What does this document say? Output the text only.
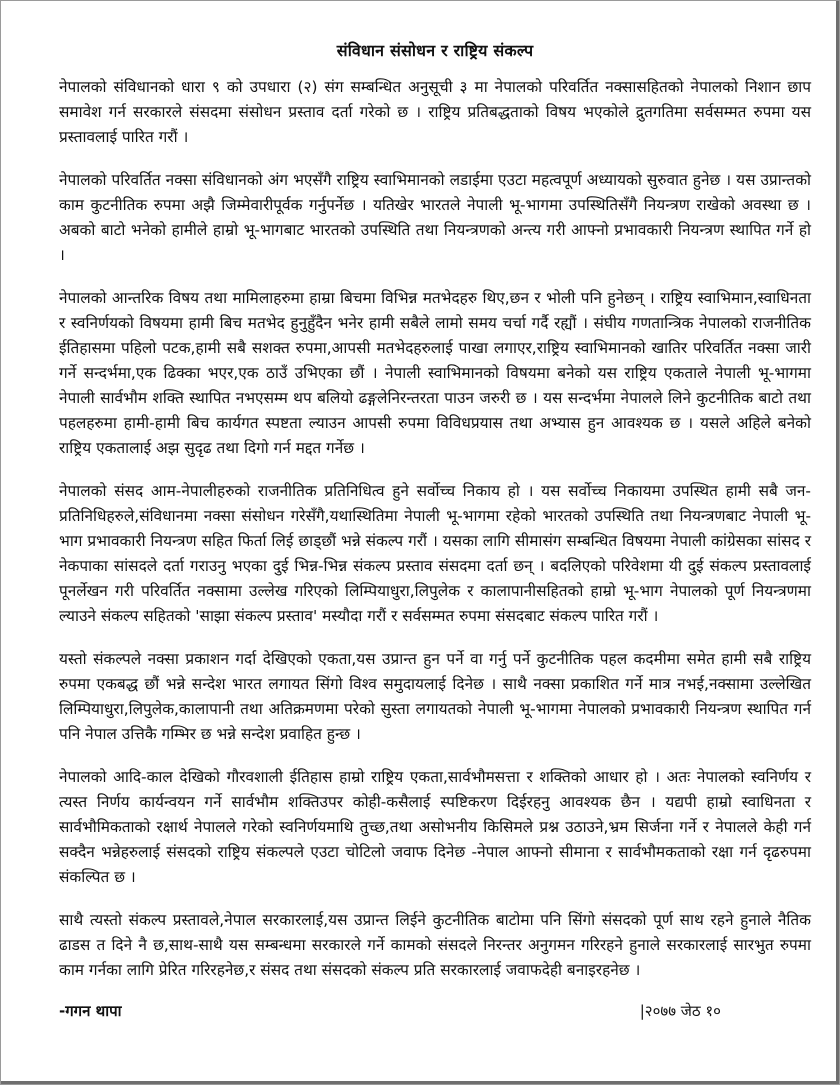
संविधान संसोधन र राष्ट्रिय संकल्प

नेपालको संविधानको धारा ९ को उपधारा (२) संग सम्बन्धित अनुसूची ३ मा नेपालको परिवर्तित नक्सासहितको नेपालको निशान छाप समावेश गर्न सरकारले संसदमा संसोधन प्रस्ताव दर्ता गरेको छ । राष्ट्रिय प्रतिबद्धताको विषय भएकोले द्रुतगतिमा सर्वसम्मत रुपमा यस प्रस्तावलाई पारित गरौं ।

नेपालको परिवर्तित नक्सा संविधानको अंग भएसँगै राष्ट्रिय स्वाभिमानको लडाईमा एउटा महत्वपूर्ण अध्यायको सुरुवात हुनेछ । यस उप्रान्तको काम कुटनीतिक रुपमा अझै जिम्मेवारीपूर्वक गर्नुपर्नेछ । यतिखेर भारतले नेपाली भू-भागमा उपस्थितिसँगै नियन्त्रण राखेको अवस्था छ । अबको बाटो भनेको हामीले हाम्रो भू-भागबाट भारतको उपस्थिति तथा नियन्त्रणको अन्त्य गरी आफ्नो प्रभावकारी नियन्त्रण स्थापित गर्ने हो ।

नेपालको आन्तरिक विषय तथा मामिलाहरुमा हाम्रा बिचमा विभिन्न मतभेदहरु थिए,छन र भोली पनि हुनेछन् । राष्ट्रिय स्वाभिमान,स्वाधिनता र स्वनिर्णयको विषयमा हामी बिच मतभेद हुनुहुँदैन भनेर हामी सबैले लामो समय चर्चा गर्दै रह्यौं । संघीय गणतान्त्रिक नेपालको राजनीतिक ईतिहासमा पहिलो पटक,हामी सबै सशक्त रुपमा,आपसी मतभेदहरुलाई पाखा लगाएर,राष्ट्रिय स्वाभिमानको खातिर परिवर्तित नक्सा जारी गर्ने सन्दर्भमा,एक ढिक्का भएर,एक ठाउँ उभिएका छौं । नेपाली स्वाभिमानको विषयमा बनेको यस राष्ट्रिय एकताले नेपाली भू-भागमा नेपाली सार्वभौम शक्ति स्थापित नभएसम्म थप बलियो ढङ्गलेनिरन्तरता पाउन जरुरी छ । यस सन्दर्भमा नेपालले लिने कुटनीतिक बाटो तथा पहलहरुमा हामी-हामी बिच कार्यगत स्पष्टता ल्याउन आपसी रुपमा विविधप्रयास तथा अभ्यास हुन आवश्यक छ । यसले अहिले बनेको राष्ट्रिय एकतालाई अझ सुदृढ तथा दिगो गर्न मद्दत गर्नेछ ।

नेपालको संसद आम-नेपालीहरुको राजनीतिक प्रतिनिधित्व हुने सर्वोच्च निकाय हो । यस सर्वोच्च निकायमा उपस्थित हामी सबै जन-प्रतिनिधिहरुले,संविधानमा नक्सा संसोधन गरेसँगै,यथास्थितिमा नेपाली भू-भागमा रहेको भारतको उपस्थिति तथा नियन्त्रणबाट नेपाली भू-भाग प्रभावकारी नियन्त्रण सहित फिर्ता लिई छाड्छौं भन्ने संकल्प गरौं । यसका लागि सीमासंग सम्बन्धित विषयमा नेपाली कांग्रेसका सांसद र नेकपाका सांसदले दर्ता गराउनु भएका दुई भिन्न-भिन्न संकल्प प्रस्ताव संसदमा दर्ता छन् । बदलिएको परिवेशमा यी दुई संकल्प प्रस्तावलाई पूनर्लेखन गरी परिवर्तित नक्सामा उल्लेख गरिएको लिम्पियाधुरा,लिपुलेक र कालापानीसहितको हाम्रो भू-भाग नेपालको पूर्ण नियन्त्रणमा ल्याउने संकल्प सहितको 'साझा संकल्प प्रस्ताव' मस्यौदा गरौं र सर्वसम्मत रुपमा संसदबाट संकल्प पारित गरौं ।

यस्तो संकल्पले नक्सा प्रकाशन गर्दा देखिएको एकता,यस उप्रान्त हुन पर्ने वा गर्नु पर्ने कुटनीतिक पहल कदमीमा समेत हामी सबै राष्ट्रिय रुपमा एकबद्ध छौं भन्ने सन्देश भारत लगायत सिंगो विश्व समुदायलाई दिनेछ । साथै नक्सा प्रकाशित गर्ने मात्र नभई,नक्सामा उल्लेखित लिम्पियाधुरा,लिपुलेक,कालापानी तथा अतिक्रमणमा परेको सुस्ता लगायतको नेपाली भू-भागमा नेपालको प्रभावकारी नियन्त्रण स्थापित गर्न पनि नेपाल उत्तिकै गम्भिर छ भन्ने सन्देश प्रवाहित हुन्छ ।

नेपालको आदि-काल देखिको गौरवशाली ईतिहास हाम्रो राष्ट्रिय एकता,सार्वभौमसत्ता र शक्तिको आधार हो । अतः नेपालको स्वनिर्णय र त्यस्त निर्णय कार्यन्वयन गर्ने सार्वभौम शक्तिउपर कोही-कसैलाई स्पष्टिकरण दिईरहनु आवश्यक छैन । यद्यपी हाम्रो स्वाधिनता र सार्वभौमिकताको रक्षार्थ नेपालले गरेको स्वनिर्णयमाथि तुच्छ,तथा असोभनीय किसिमले प्रश्न उठाउने,भ्रम सिर्जना गर्ने र नेपालले केही गर्न सक्दैन भन्नेहरुलाई संसदको राष्ट्रिय संकल्पले एउटा चोटिलो जवाफ दिनेछ -नेपाल आफ्नो सीमाना र सार्वभौमकताको रक्षा गर्न दृढरुपमा संकल्पित छ ।

साथै त्यस्तो संकल्प प्रस्तावले,नेपाल सरकारलाई,यस उप्रान्त लिईने कुटनीतिक बाटोमा पनि सिंगो संसदको पूर्ण साथ रहने हुनाले नैतिक ढाडस त दिने नै छ,साथ-साथै यस सम्बन्धमा सरकारले गर्ने कामको संसदले निरन्तर अनुगमन गरिरहने हुनाले सरकारलाई सारभुत रुपमा काम गर्नका लागि प्रेरित गरिरहनेछ,र संसद तथा संसदको संकल्प प्रति सरकारलाई जवाफदेही बनाइरहनेछ ।

-गगन थापा	|२०७७ जेठ १०
